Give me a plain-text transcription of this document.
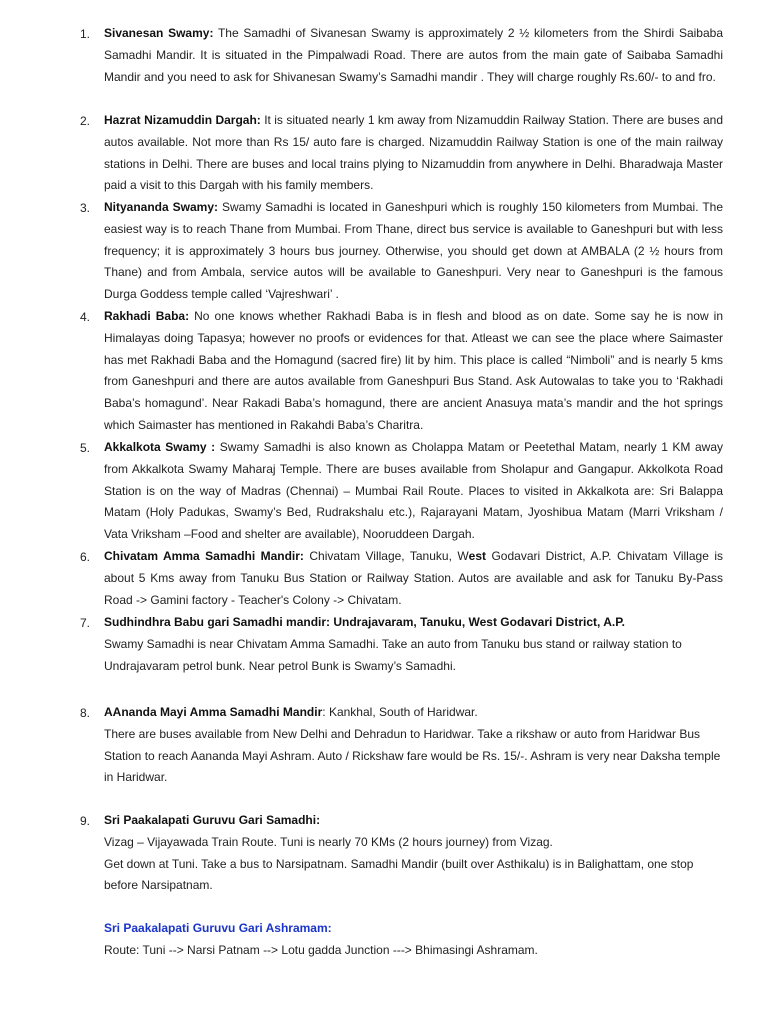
1.	Sivanesan Swamy: The Samadhi of Sivanesan Swamy is approximately 2 ½ kilometers from the Shirdi Saibaba Samadhi Mandir. It is situated in the Pimpalwadi Road. There are autos from the main gate of Saibaba Samadhi Mandir and you need to ask for Shivanesan Swamy’s Samadhi mandir . They will charge roughly Rs.60/- to and fro.
2.	Hazrat Nizamuddin Dargah: It is situated nearly 1 km away from Nizamuddin Railway Station. There are buses and autos available. Not more than Rs 15/ auto fare is charged. Nizamuddin Railway Station is one of the main railway stations in Delhi. There are buses and local trains plying to Nizamuddin from anywhere in Delhi. Bharadwaja Master paid a visit to this Dargah with his family members.
3.	Nityananda Swamy: Swamy Samadhi is located in Ganeshpuri which is roughly 150 kilometers from Mumbai. The easiest way is to reach Thane from Mumbai. From Thane, direct bus service is available to Ganeshpuri but with less frequency; it is approximately 3 hours bus journey. Otherwise, you should get down at AMBALA (2 ½ hours from Thane) and from Ambala, service autos will be available to Ganeshpuri. Very near to Ganeshpuri is the famous Durga Goddess temple called ‘Vajreshwari’ .
4.	Rakhadi Baba: No one knows whether Rakhadi Baba is in flesh and blood as on date. Some say he is now in Himalayas doing Tapasya; however no proofs or evidences for that. Atleast we can see the place where Saimaster has met Rakhadi Baba and the Homagund (sacred fire) lit by him. This place is called “Nimboli” and is nearly 5 kms from Ganeshpuri and there are autos available from Ganeshpuri Bus Stand. Ask Autowalas to take you to ‘Rakhadi Baba’s homagund’. Near Rakadi Baba’s homagund, there are ancient Anasuya mata’s mandir and the hot springs which Saimaster has mentioned in Rakahdi Baba’s Charitra.
5.	Akkalkota Swamy : Swamy Samadhi is also known as Cholappa Matam or Peetethal Matam, nearly 1 KM away from Akkalkota Swamy Maharaj Temple. There are buses available from Sholapur and Gangapur. Akkolkota Road Station is on the way of Madras (Chennai) – Mumbai Rail Route. Places to visited in Akkalkota are: Sri Balappa Matam (Holy Padukas, Swamy’s Bed, Rudrakshalu etc.), Rajarayani Matam, Jyoshibua Matam (Marri Vriksham / Vata Vriksham –Food and shelter are available), Nooruddeen Dargah.
6.	Chivatam Amma Samadhi Mandir: Chivatam Village, Tanuku, West Godavari District, A.P. Chivatam Village is about 5 Kms away from Tanuku Bus Station or Railway Station. Autos are available and ask for Tanuku By-Pass Road -> Gamini factory - Teacher's Colony -> Chivatam.
7.	Sudhindhra Babu gari Samadhi mandir: Undrajavaram, Tanuku, West Godavari District, A.P.
Swamy Samadhi is near Chivatam Amma Samadhi. Take an auto from Tanuku bus stand or railway station to Undrajavaram petrol bunk. Near petrol Bunk is Swamy’s Samadhi.
8.	AAnanda Mayi Amma Samadhi Mandir: Kankhal, South of Haridwar.
There are buses available from New Delhi and Dehradun to Haridwar. Take a rikshaw or auto from Haridwar Bus Station to reach Aananda Mayi Ashram. Auto / Rickshaw fare would be Rs. 15/-. Ashram is very near Daksha temple in Haridwar.
9.	Sri Paakalapati Guruvu Gari Samadhi:
Vizag – Vijayawada Train Route. Tuni is nearly 70 KMs (2 hours journey) from Vizag.
Get down at Tuni. Take a bus to Narsipatnam. Samadhi Mandir (built over Asthikalu) is in Balighattam, one stop before Narsipatnam.
Sri Paakalapati Guruvu Gari Ashramam:
Route: Tuni --> Narsi Patnam --> Lotu gadda Junction ---> Bhimasingi Ashramam.
